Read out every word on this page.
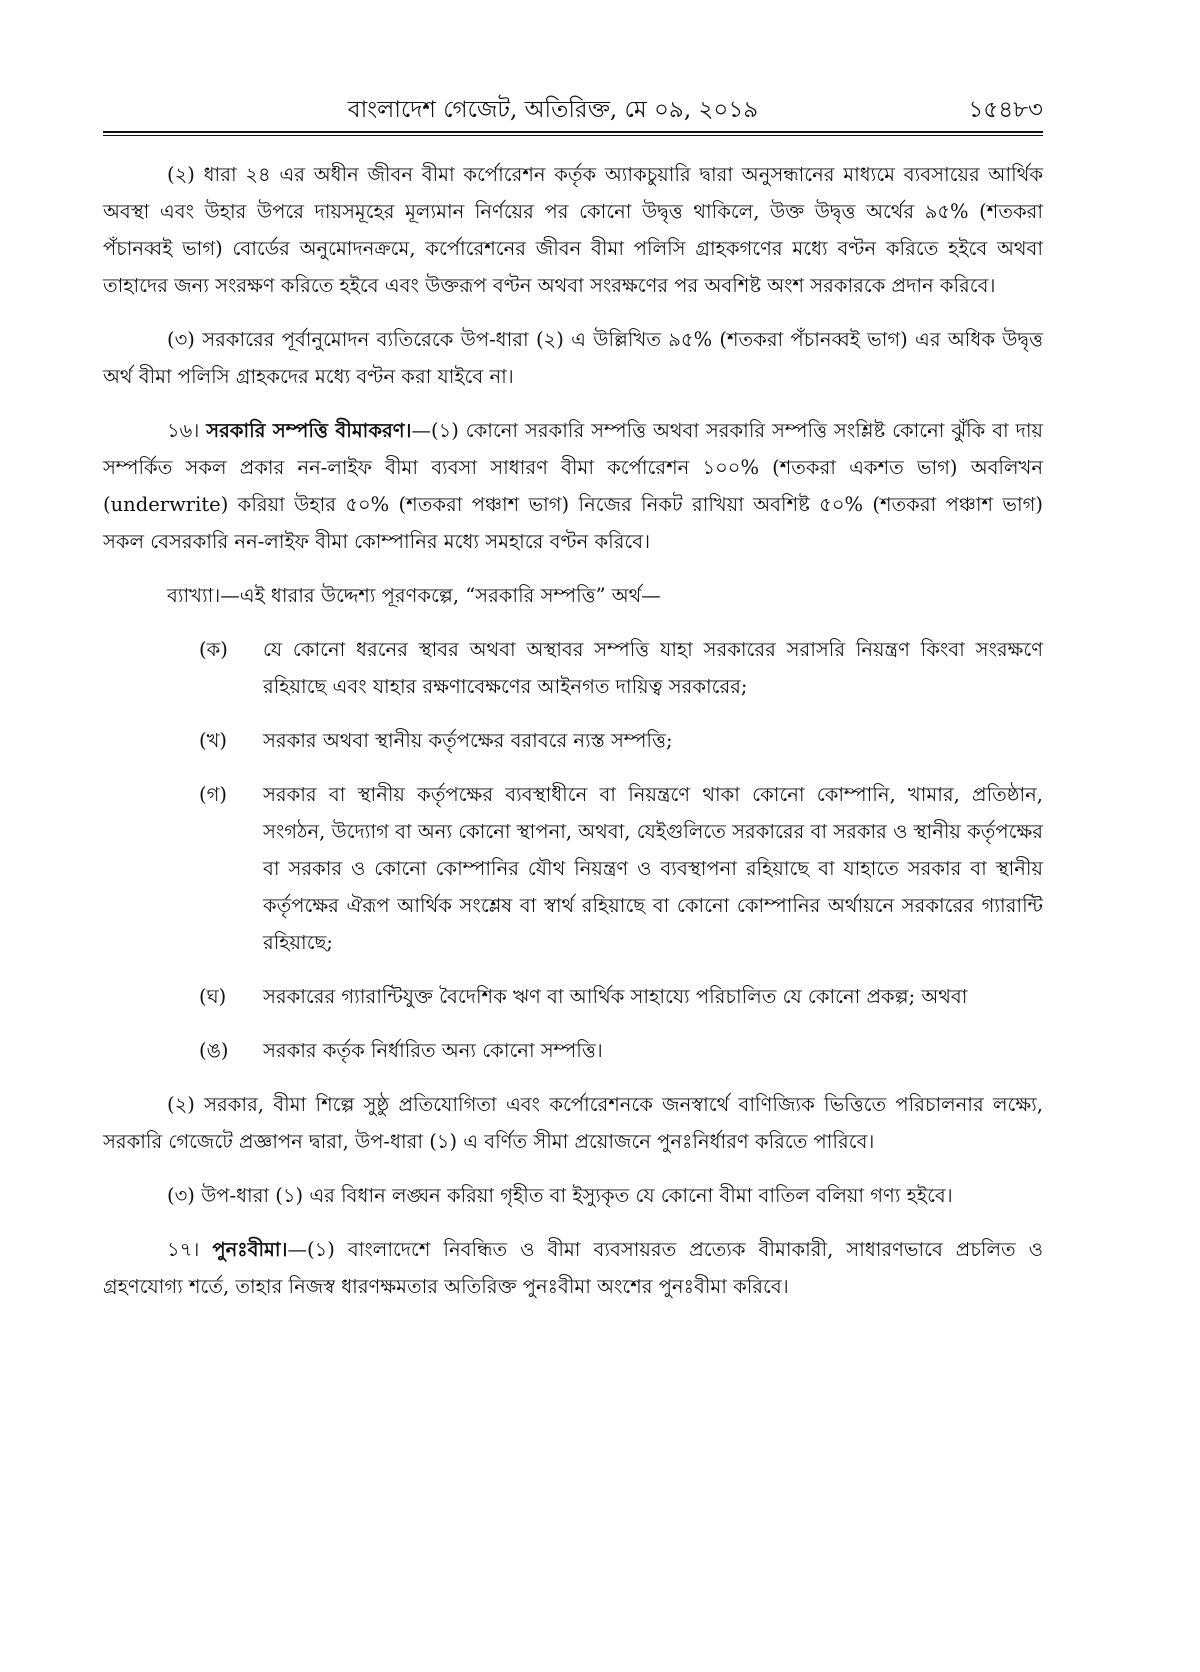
বাংলাদেশ গেজেট, অতিরিক্ত, মে ০৯, ২০১৯	১৫৪৮৩

(২) ধারা ২৪ এর অধীন জীবন বীমা কর্পোরেশন কর্তৃক অ্যাকচুয়ারি দ্বারা অনুসন্ধানের মাধ্যমে ব্যবসায়ের আর্থিক অবস্থা এবং উহার উপরে দায়সমূহের মূল্যমান নির্ণয়ের পর কোনো উদ্বৃত্ত থাকিলে, উক্ত উদ্বৃত্ত অর্থের ৯৫% (শতকরা পঁচানব্বই ভাগ) বোর্ডের অনুমোদনক্রমে, কর্পোরেশনের জীবন বীমা পলিসি গ্রাহকগণের মধ্যে বণ্টন করিতে হইবে অথবা তাহাদের জন্য সংরক্ষণ করিতে হইবে এবং উক্তরূপ বণ্টন অথবা সংরক্ষণের পর অবশিষ্ট অংশ সরকারকে প্রদান করিবে।

(৩) সরকারের পূর্বানুমোদন ব্যতিরেকে উপ-ধারা (২) এ উল্লিখিত ৯৫% (শতকরা পঁচানব্বই ভাগ) এর অধিক উদ্বৃত্ত অর্থ বীমা পলিসি গ্রাহকদের মধ্যে বণ্টন করা যাইবে না।

১৬। সরকারি সম্পত্তি বীমাকরণ।—(১) কোনো সরকারি সম্পত্তি অথবা সরকারি সম্পত্তি সংশ্লিষ্ট কোনো ঝুঁকি বা দায় সম্পর্কিত সকল প্রকার নন-লাইফ বীমা ব্যবসা সাধারণ বীমা কর্পোরেশন ১০০% (শতকরা একশত ভাগ) অবলিখন (underwrite) করিয়া উহার ৫০% (শতকরা পঞ্চাশ ভাগ) নিজের নিকট রাখিয়া অবশিষ্ট ৫০% (শতকরা পঞ্চাশ ভাগ) সকল বেসরকারি নন-লাইফ বীমা কোম্পানির মধ্যে সমহারে বণ্টন করিবে।

ব্যাখ্যা।—এই ধারার উদ্দেশ্য পূরণকল্পে, “সরকারি সম্পত্তি” অর্থ—

(ক)	যে কোনো ধরনের স্থাবর অথবা অস্থাবর সম্পত্তি যাহা সরকারের সরাসরি নিয়ন্ত্রণ কিংবা সংরক্ষণে রহিয়াছে এবং যাহার রক্ষণাবেক্ষণের আইনগত দায়িত্ব সরকারের;
(খ)	সরকার অথবা স্থানীয় কর্তৃপক্ষের বরাবরে ন্যস্ত সম্পত্তি;
(গ)	সরকার বা স্থানীয় কর্তৃপক্ষের ব্যবস্থাধীনে বা নিয়ন্ত্রণে থাকা কোনো কোম্পানি, খামার, প্রতিষ্ঠান, সংগঠন, উদ্যোগ বা অন্য কোনো স্থাপনা, অথবা, যেইগুলিতে সরকারের বা সরকার ও স্থানীয় কর্তৃপক্ষের বা সরকার ও কোনো কোম্পানির যৌথ নিয়ন্ত্রণ ও ব্যবস্থাপনা রহিয়াছে বা যাহাতে সরকার বা স্থানীয় কর্তৃপক্ষের ঐরূপ আর্থিক সংশ্লেষ বা স্বার্থ রহিয়াছে বা কোনো কোম্পানির অর্থায়নে সরকারের গ্যারান্টি রহিয়াছে;
(ঘ)	সরকারের গ্যারান্টিযুক্ত বৈদেশিক ঋণ বা আর্থিক সাহায্যে পরিচালিত যে কোনো প্রকল্প; অথবা
(ঙ)	সরকার কর্তৃক নির্ধারিত অন্য কোনো সম্পত্তি।

(২) সরকার, বীমা শিল্পে সুষ্ঠু প্রতিযোগিতা এবং কর্পোরেশনকে জনস্বার্থে বাণিজ্যিক ভিত্তিতে পরিচালনার লক্ষ্যে, সরকারি গেজেটে প্রজ্ঞাপন দ্বারা, উপ-ধারা (১) এ বর্ণিত সীমা প্রয়োজনে পুনঃনির্ধারণ করিতে পারিবে।

(৩) উপ-ধারা (১) এর বিধান লঙ্ঘন করিয়া গৃহীত বা ইস্যুকৃত যে কোনো বীমা বাতিল বলিয়া গণ্য হইবে।

১৭। পুনঃবীমা।—(১) বাংলাদেশে নিবন্ধিত ও বীমা ব্যবসায়রত প্রত্যেক বীমাকারী, সাধারণভাবে প্রচলিত ও গ্রহণযোগ্য শর্তে, তাহার নিজস্ব ধারণক্ষমতার অতিরিক্ত পুনঃবীমা অংশের পুনঃবীমা করিবে।
